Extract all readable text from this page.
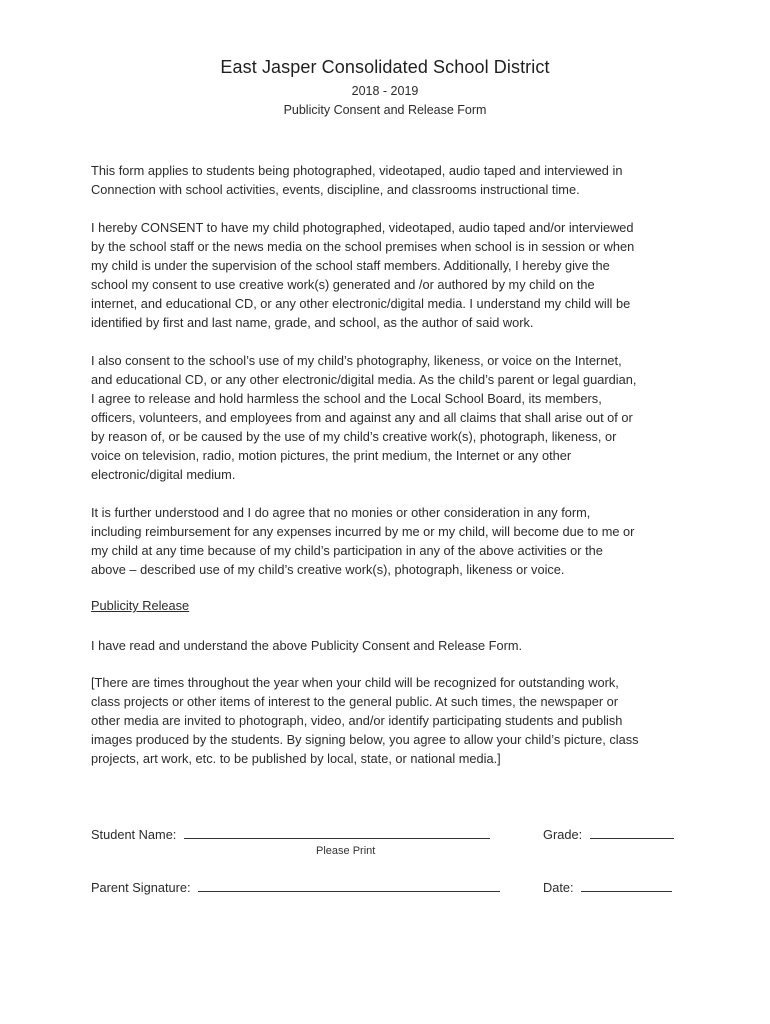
East Jasper Consolidated School District
2018 - 2019
Publicity Consent and Release Form
This form applies to students being photographed, videotaped, audio taped and interviewed in
Connection with school activities, events, discipline, and classrooms instructional time.
I hereby CONSENT to have my child photographed, videotaped, audio taped and/or interviewed
by the school staff or the news media on the school premises when school is in session or when
my child is under the supervision of the school staff members. Additionally, I hereby give the
school my consent to use creative work(s) generated and /or authored by my child on the
internet, and educational CD, or any other electronic/digital media. I understand my child will be
identified by first and last name, grade, and school, as the author of said work.
I also consent to the school’s use of my child’s photography, likeness, or voice on the Internet,
and educational CD, or any other electronic/digital media. As the child’s parent or legal guardian,
I agree to release and hold harmless the school and the Local School Board, its members,
officers, volunteers, and employees from and against any and all claims that shall arise out of or
by reason of, or be caused by the use of my child’s creative work(s), photograph, likeness, or
voice on television, radio, motion pictures, the print medium, the Internet or any other
electronic/digital medium.
It is further understood and I do agree that no monies or other consideration in any form,
including reimbursement for any expenses incurred by me or my child, will become due to me or
my child at any time because of my child’s participation in any of the above activities or the
above – described use of my child’s creative work(s), photograph, likeness or voice.
Publicity Release
I have read and understand the above Publicity Consent and Release Form.
[There are times throughout the year when your child will be recognized for outstanding work,
class projects or other items of interest to the general public. At such times, the newspaper or
other media are invited to photograph, video, and/or identify participating students and publish
images produced by the students. By signing below, you agree to allow your child’s picture, class
projects, art work, etc. to be published by local, state, or national media.]
Student Name:
Please Print
Grade:
Parent Signature:	Date:
